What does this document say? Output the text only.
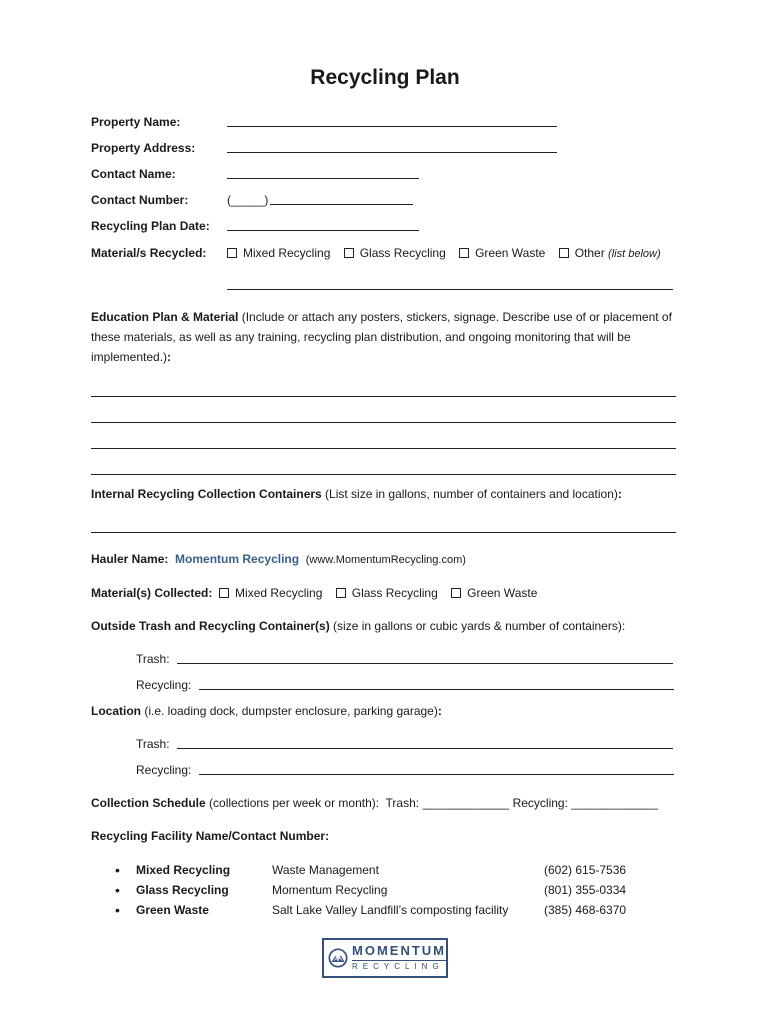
Recycling Plan
Property Name:
Property Address:
Contact Name:
Contact Number:	(_____)
Recycling Plan Date:
Material/s Recycled:	Mixed Recycling Glass Recycling Green Waste Other (list below)
Education Plan & Material (Include or attach any posters, stickers, signage. Describe use of or placement of these materials, as well as any training, recycling plan distribution, and ongoing monitoring that will be implemented.):
Internal Recycling Collection Containers (List size in gallons, number of containers and location):
Hauler Name: Momentum Recycling (www.MomentumRecycling.com)
Material(s) Collected: Mixed Recycling Glass Recycling Green Waste
Outside Trash and Recycling Container(s) (size in gallons or cubic yards & number of containers):
Trash:
Recycling:
Location (i.e. loading dock, dumpster enclosure, parking garage):
Trash:
Recycling:
Collection Schedule (collections per week or month): Trash: _____________ Recycling: _____________
Recycling Facility Name/Contact Number:
• Mixed Recycling	Waste Management	(602) 615-7536
• Glass Recycling	Momentum Recycling	(801) 355-0334
• Green Waste	Salt Lake Valley Landfill’s composting facility	(385) 468-6370
MOMENTUM
RECYCLING
